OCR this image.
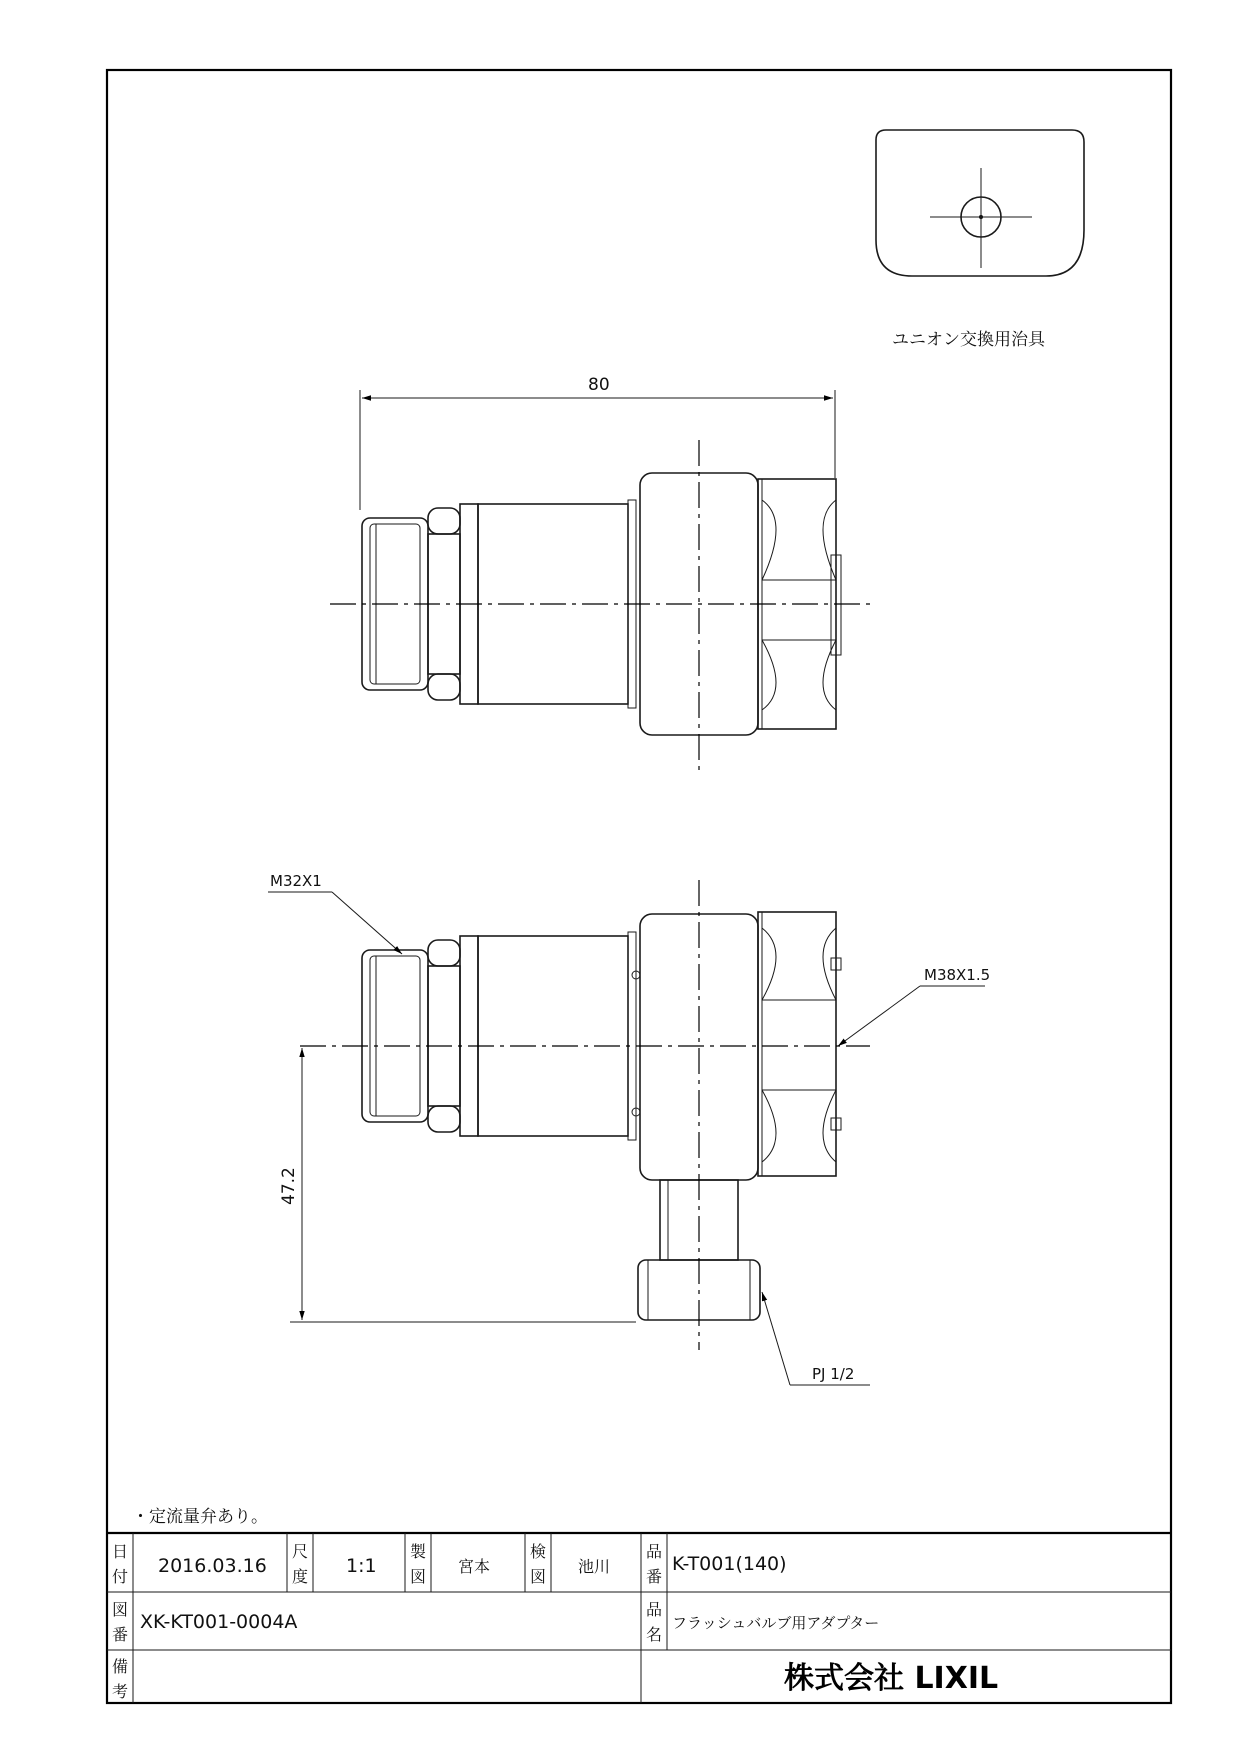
ユニオン交換用治具
80
47.2
M32X1
M38X1.5
PJ 1/2
・定流量弁あり。
日
付 2016.03.16
尺
度 1:1
製
図
宮本
検
図
池川
品
番
K-T001(140)
図
番
XK-KT001-0004A
品
名
フラッシュバルブ用アダプター
備
考	株式会社 LIXIL
